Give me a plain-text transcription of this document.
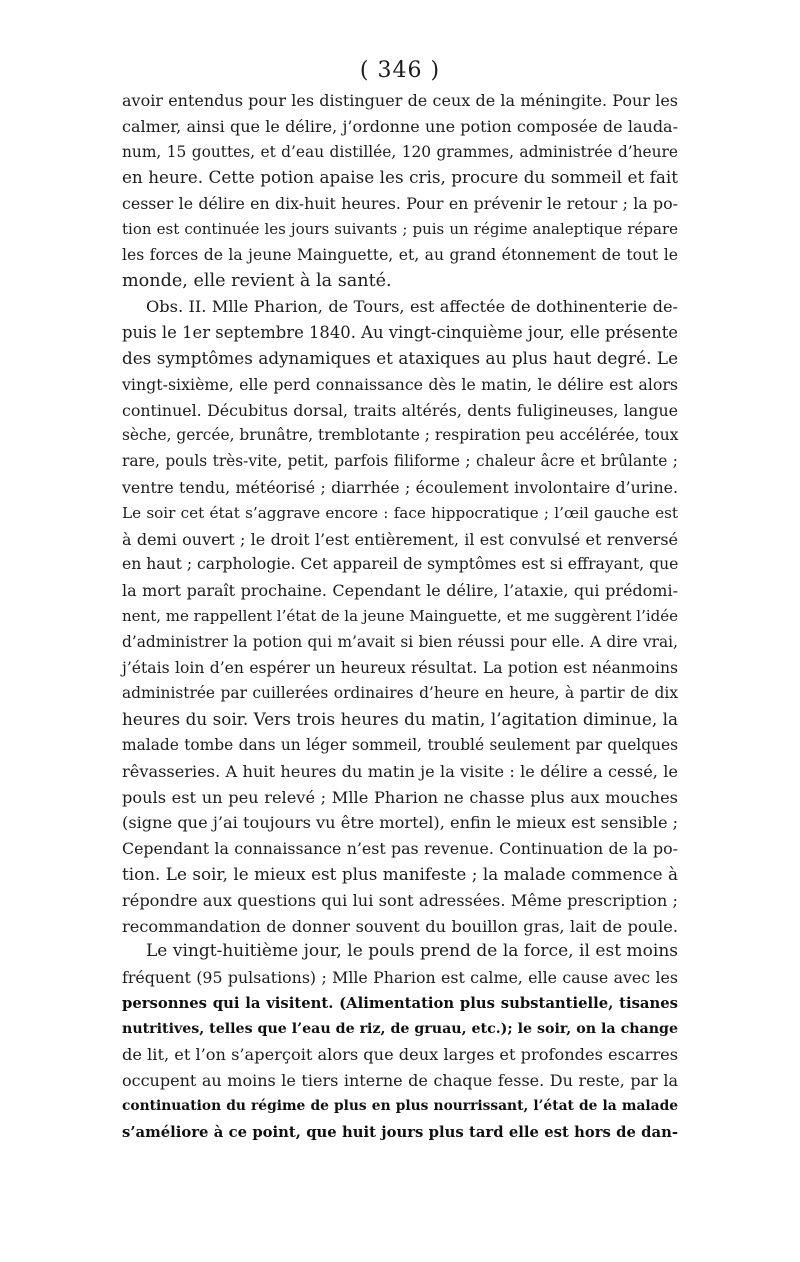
( 346 )
avoir entendus pour les distinguer de ceux de la méningite. Pour les
calmer, ainsi que le délire, j’ordonne une potion composée de lauda-
num, 15 gouttes, et d’eau distillée, 120 grammes, administrée d’heure
en heure. Cette potion apaise les cris, procure du sommeil et fait
cesser le délire en dix-huit heures. Pour en prévenir le retour ; la po-
tion est continuée les jours suivants ; puis un régime analeptique répare
les forces de la jeune Mainguette, et, au grand étonnement de tout le
monde, elle revient à la santé.
Obs. II. Mlle Pharion, de Tours, est affectée de dothinenterie de-
puis le 1er septembre 1840. Au vingt-cinquième jour, elle présente
des symptômes adynamiques et ataxiques au plus haut degré. Le
vingt-sixième, elle perd connaissance dès le matin, le délire est alors
continuel. Décubitus dorsal, traits altérés, dents fuligineuses, langue
sèche, gercée, brunâtre, tremblotante ; respiration peu accélérée, toux
rare, pouls très-vite, petit, parfois filiforme ; chaleur âcre et brûlante ;
ventre tendu, météorisé ; diarrhée ; écoulement involontaire d’urine.
Le soir cet état s’aggrave encore : face hippocratique ; l’œil gauche est
à demi ouvert ; le droit l’est entièrement, il est convulsé et renversé
en haut ; carphologie. Cet appareil de symptômes est si effrayant, que
la mort paraît prochaine. Cependant le délire, l’ataxie, qui prédomi-
nent, me rappellent l’état de la jeune Mainguette, et me suggèrent l’idée
d’administrer la potion qui m’avait si bien réussi pour elle. A dire vrai,
j’étais loin d’en espérer un heureux résultat. La potion est néanmoins
administrée par cuillerées ordinaires d’heure en heure, à partir de dix
heures du soir. Vers trois heures du matin, l’agitation diminue, la
malade tombe dans un léger sommeil, troublé seulement par quelques
rêvasseries. A huit heures du matin je la visite : le délire a cessé, le
pouls est un peu relevé ; Mlle Pharion ne chasse plus aux mouches
(signe que j’ai toujours vu être mortel), enfin le mieux est sensible ;
Cependant la connaissance n’est pas revenue. Continuation de la po-
tion. Le soir, le mieux est plus manifeste ; la malade commence à
répondre aux questions qui lui sont adressées. Même prescription ;
recommandation de donner souvent du bouillon gras, lait de poule.
Le vingt-huitième jour, le pouls prend de la force, il est moins
fréquent (95 pulsations) ; Mlle Pharion est calme, elle cause avec les
personnes qui la visitent. (Alimentation plus substantielle, tisanes
nutritives, telles que l’eau de riz, de gruau, etc.); le soir, on la change
de lit, et l’on s’aperçoit alors que deux larges et profondes escarres
occupent au moins le tiers interne de chaque fesse. Du reste, par la
continuation du régime de plus en plus nourrissant, l’état de la malade
s’améliore à ce point, que huit jours plus tard elle est hors de dan-
